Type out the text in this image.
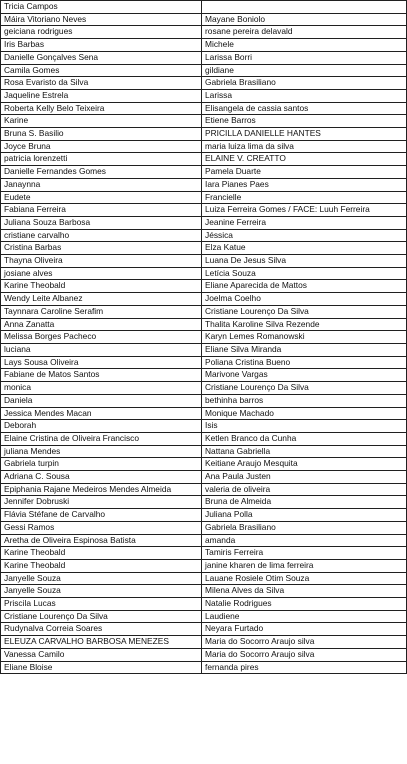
Tricia Campos	
Máira Vitoriano Neves	Mayane Boniolo
geiciana rodrigues	rosane pereira delavald
Iris Barbas	Michele
Danielle Gonçalves Sena	Larissa Borri
Camila Gomes	gildiane
Rosa Evaristo da Silva	Gabriela Brasiliano
Jaqueline Estrela	Larissa
Roberta Kelly Belo Teixeira	Elisangela de cassia santos
Karine	Etiene Barros
Bruna S. Basilio	PRICILLA DANIELLE HANTES
Joyce Bruna	maria luiza lima da silva
patricia lorenzetti	ELAINE V. CREATTO
Danielle Fernandes Gomes	Pamela Duarte
Janaynna	Iara Pianes Paes
Eudete	Francielle
Fabiana Ferreira	Luiza Ferreira Gomes / FACE: Luuh Ferreira
Juliana Souza Barbosa	Jeanine Ferreira
cristiane carvalho	Jéssica
Cristina Barbas	Elza Katue
Thayna Oliveira	Luana De Jesus Silva
josiane alves	Letícia Souza
Karine Theobald	Eliane Aparecida de Mattos
Wendy Leite Albanez	Joelma Coelho
Taynnara Caroline Serafim	Cristiane Lourenço Da Silva
Anna Zanatta	Thalita Karoline Silva Rezende
Melissa Borges Pacheco	Karyn Lemes Romanowski
luciana	Eliane Silva Miranda
Lays Sousa Oliveira	Poliana Cristina Bueno
Fabiane de Matos Santos	Marivone Vargas
monica	Cristiane Lourenço Da Silva
Daniela	bethinha barros
Jessica Mendes Macan	Monique Machado
Deborah	Isis
Elaine Cristina de Oliveira Francisco	Ketlen Branco da Cunha
juliana Mendes	Nattana Gabriella
Gabriela turpin	Keitiane Araujo Mesquita
Adriana C. Sousa	Ana Paula Justen
Epiphania Rajane Medeiros Mendes Almeida	valeria de oliveira
Jennifer Dobruski	Bruna de Almeida
Flávia Stéfane de Carvalho	Juliana Polla
Gessi Ramos	Gabriela Brasiliano
Aretha de Oliveira Espinosa Batista	amanda
Karine Theobald	Tamiris Ferreira
Karine Theobald	janine kharen de lima ferreira
Janyelle Souza	Lauane Rosiele Otim Souza
Janyelle Souza	Milena Alves da Silva
Priscila Lucas	Natalie Rodrigues
Cristiane Lourenço Da Silva	Laudiene
Rudynalva Correia Soares	Neyara Furtado
ELEUZA CARVALHO BARBOSA MENEZES	Maria do Socorro Araujo silva
Vanessa Camilo	Maria do Socorro Araujo silva
Eliane Bloise	fernanda pires
